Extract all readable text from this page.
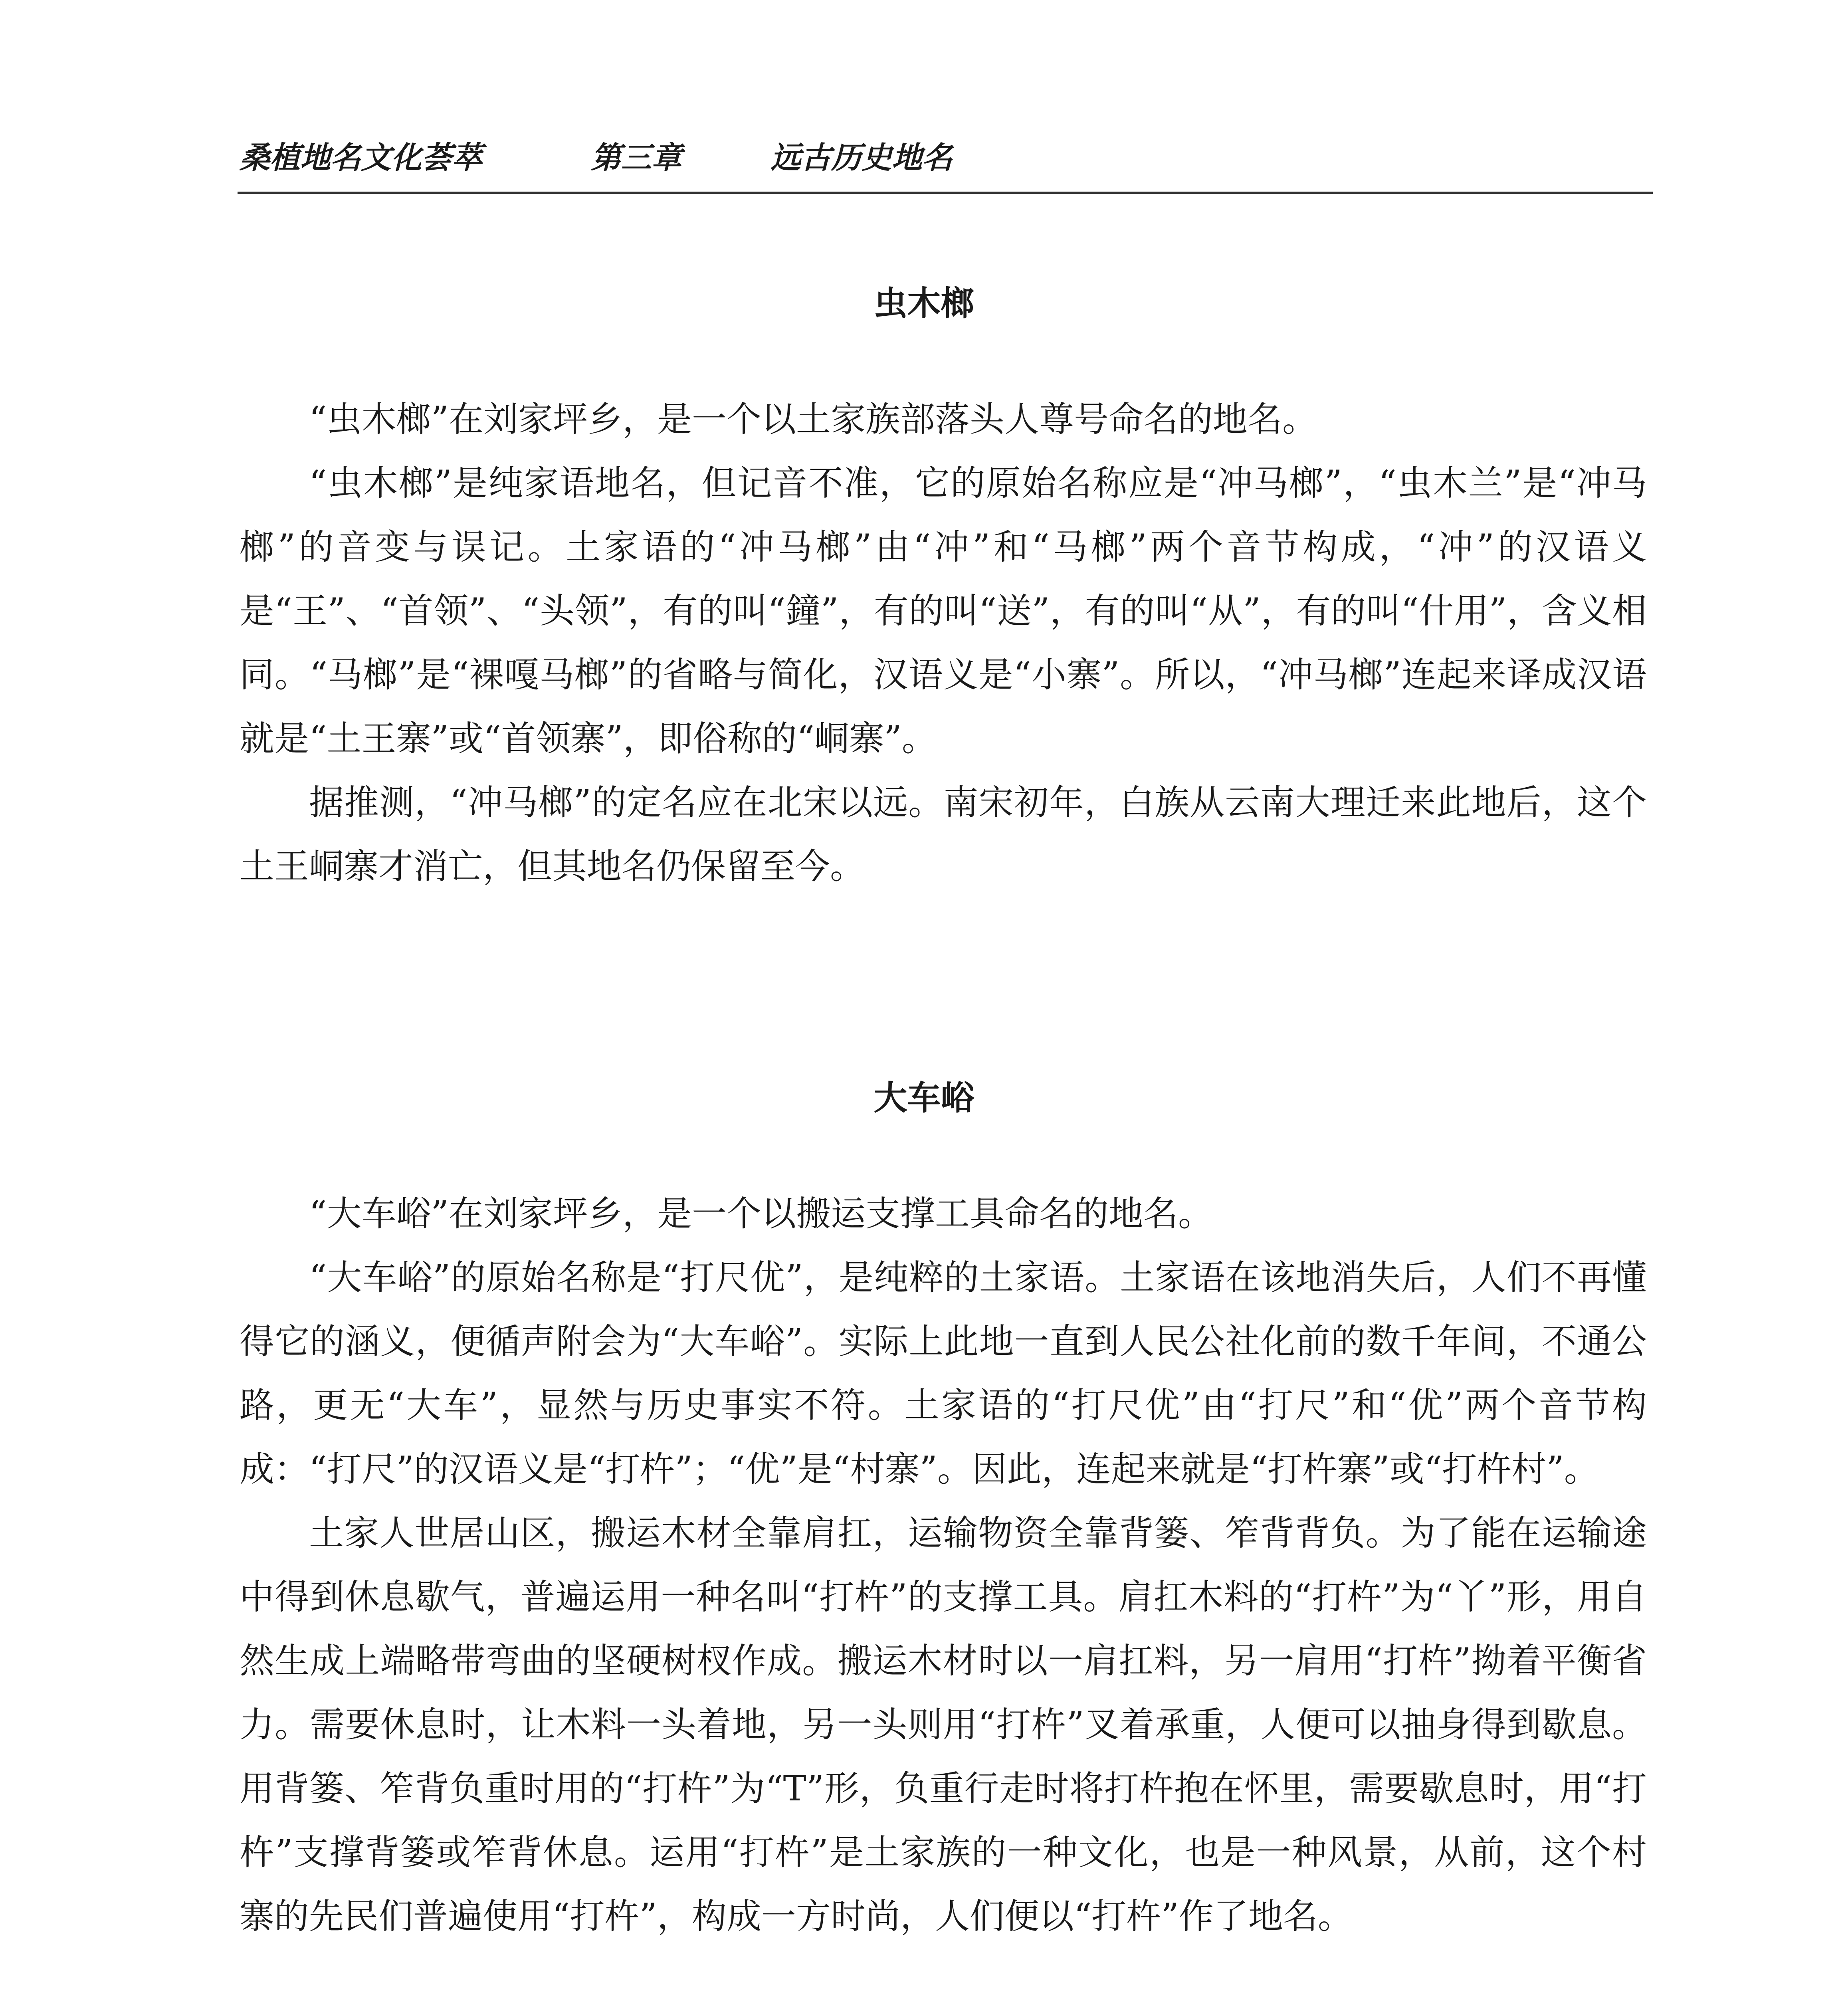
桑植地名文化荟萃	第三章	远古历史地名
虫木榔

“虫木榔”在刘家坪乡，是一个以土家族部落头人尊号命名的地名。

“虫木榔”是纯家语地名，但记音不准，它的原始名称应是“冲马榔”，“虫木兰”是“冲马榔”的音变与误记。土家语的“冲马榔”由“冲”和“马榔”两个音节构成，“冲”的汉语义是“王”、“首领”、“头领”，有的叫“鐘”，有的叫“送”，有的叫“从”，有的叫“什用”，含义相同。“马榔”是“裸嘎马榔”的省略与简化，汉语义是“小寨”。所以，“冲马榔”连起来译成汉语就是“土王寨”或“首领寨”，即俗称的“峒寨”。

据推测，“冲马榔”的定名应在北宋以远。南宋初年，白族从云南大理迁来此地后，这个土王峒寨才消亡，但其地名仍保留至今。

大车峪

“大车峪”在刘家坪乡，是一个以搬运支撑工具命名的地名。

“大车峪”的原始名称是“打尺优”，是纯粹的土家语。土家语在该地消失后，人们不再懂得它的涵义，便循声附会为“大车峪”。实际上此地一直到人民公社化前的数千年间，不通公路，更无“大车”，显然与历史事实不符。土家语的“打尺优”由“打尺”和“优”两个音节构成：“打尺”的汉语义是“打杵”；“优”是“村寨”。因此，连起来就是“打杵寨”或“打杵村”。

土家人世居山区，搬运木材全靠肩扛，运输物资全靠背篓、笮背背负。为了能在运输途中得到休息歇气，普遍运用一种名叫“打杵”的支撑工具。肩扛木料的“打杵”为“丫”形，用自然生成上端略带弯曲的坚硬树杈作成。搬运木材时以一肩扛料，另一肩用“打杵”拗着平衡省力。需要休息时，让木料一头着地，另一头则用“打杵”叉着承重，人便可以抽身得到歇息。用背篓、笮背负重时用的“打杵”为“T”形，负重行走时将打杵抱在怀里，需要歇息时，用“打杵”支撑背篓或笮背休息。运用“打杵”是土家族的一种文化，也是一种风景，从前，这个村寨的先民们普遍使用“打杵”，构成一方时尚，人们便以“打杵”作了地名。
